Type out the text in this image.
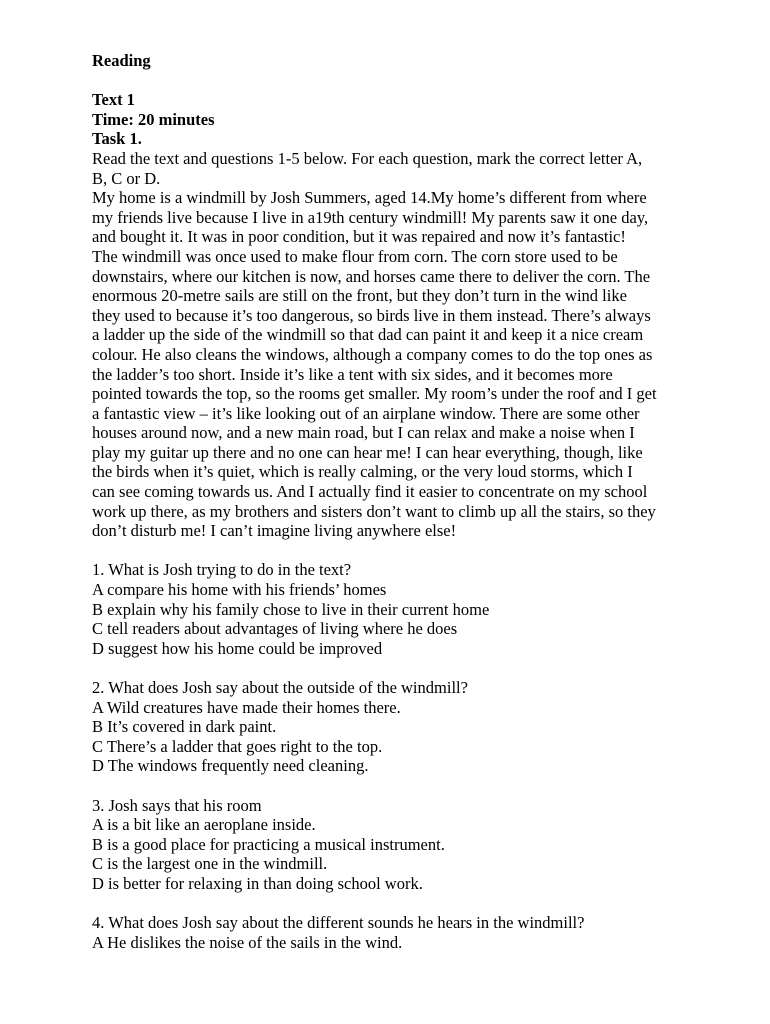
Reading
Text 1
Time: 20 minutes
Task 1.
Read the text and questions 1-5 below. For each question, mark the correct letter A,
B, C or D.
My home is a windmill by Josh Summers, aged 14.My home’s different from where
my friends live because I live in a19th century windmill! My parents saw it one day,
and bought it. It was in poor condition, but it was repaired and now it’s fantastic!
The windmill was once used to make flour from corn. The corn store used to be
downstairs, where our kitchen is now, and horses came there to deliver the corn. The
enormous 20-metre sails are still on the front, but they don’t turn in the wind like
they used to because it’s too dangerous, so birds live in them instead. There’s always
a ladder up the side of the windmill so that dad can paint it and keep it a nice cream
colour. He also cleans the windows, although a company comes to do the top ones as
the ladder’s too short. Inside it’s like a tent with six sides, and it becomes more
pointed towards the top, so the rooms get smaller. My room’s under the roof and I get
a fantastic view – it’s like looking out of an airplane window. There are some other
houses around now, and a new main road, but I can relax and make a noise when I
play my guitar up there and no one can hear me! I can hear everything, though, like
the birds when it’s quiet, which is really calming, or the very loud storms, which I
can see coming towards us. And I actually find it easier to concentrate on my school
work up there, as my brothers and sisters don’t want to climb up all the stairs, so they
don’t disturb me! I can’t imagine living anywhere else!
1. What is Josh trying to do in the text?
A compare his home with his friends’ homes
B explain why his family chose to live in their current home
C tell readers about advantages of living where he does
D suggest how his home could be improved
2. What does Josh say about the outside of the windmill?
A Wild creatures have made their homes there.
B It’s covered in dark paint.
C There’s a ladder that goes right to the top.
D The windows frequently need cleaning.
3. Josh says that his room
A is a bit like an aeroplane inside.
B is a good place for practicing a musical instrument.
C is the largest one in the windmill.
D is better for relaxing in than doing school work.
4. What does Josh say about the different sounds he hears in the windmill?
A He dislikes the noise of the sails in the wind.
